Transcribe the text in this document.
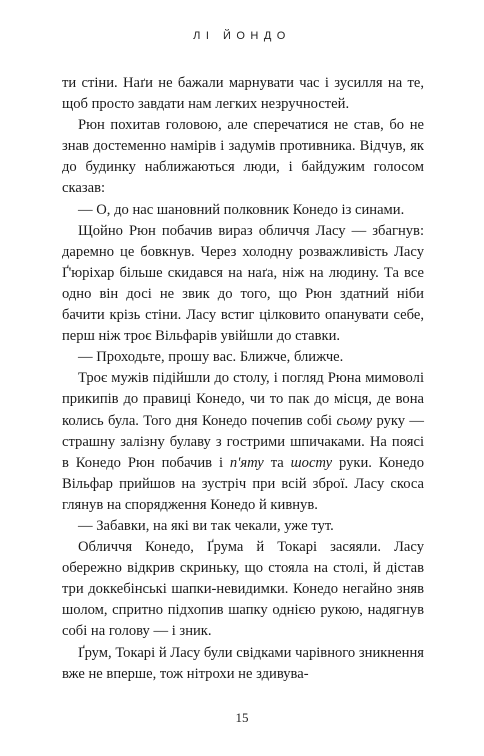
ЛІ ЙОНДО

ти стіни. Наґи не бажали марнувати час і зусилля на те, щоб просто завдати нам легких незручностей.

Рюн похитав головою, але сперечатися не став, бо не знав достеменно намірів і задумів противника. Відчув, як до будинку наближаються люди, і байдужим голосом сказав:

— О, до нас шановний полковник Конедо із синами.

Щойно Рюн побачив вираз обличчя Ласу — збагнув: даремно це бовкнув. Через холодну розважливість Ласу Ґ'юріхар більше скидався на наґа, ніж на людину. Та все одно він досі не звик до того, що Рюн здатний ніби бачити крізь стіни. Ласу встиг цілковито опанувати себе, перш ніж троє Вільфарів увійшли до ставки.

— Проходьте, прошу вас. Ближче, ближче.

Троє мужів підійшли до столу, і погляд Рюна мимоволі прикипів до правиці Конедо, чи то пак до місця, де вона колись була. Того дня Конедо почепив собі сьому руку — страшну залізну булаву з гострими шпичаками. На поясі в Конедо Рюн побачив і п'яту та шосту руки. Конедо Вільфар прийшов на зустріч при всій зброї. Ласу скоса глянув на спорядження Конедо й кивнув.

— Забавки, на які ви так чекали, уже тут.

Обличчя Конедо, Ґрума й Токарі засяяли. Ласу обережно відкрив скриньку, що стояла на столі, й дістав три доккебінські шапки-невидимки. Конедо негайно зняв шолом, спритно підхопив шапку однією рукою, надягнув собі на голову — і зник.

Ґрум, Токарі й Ласу були свідками чарівного зникнення вже не вперше, тож нітрохи не здивува-

15
